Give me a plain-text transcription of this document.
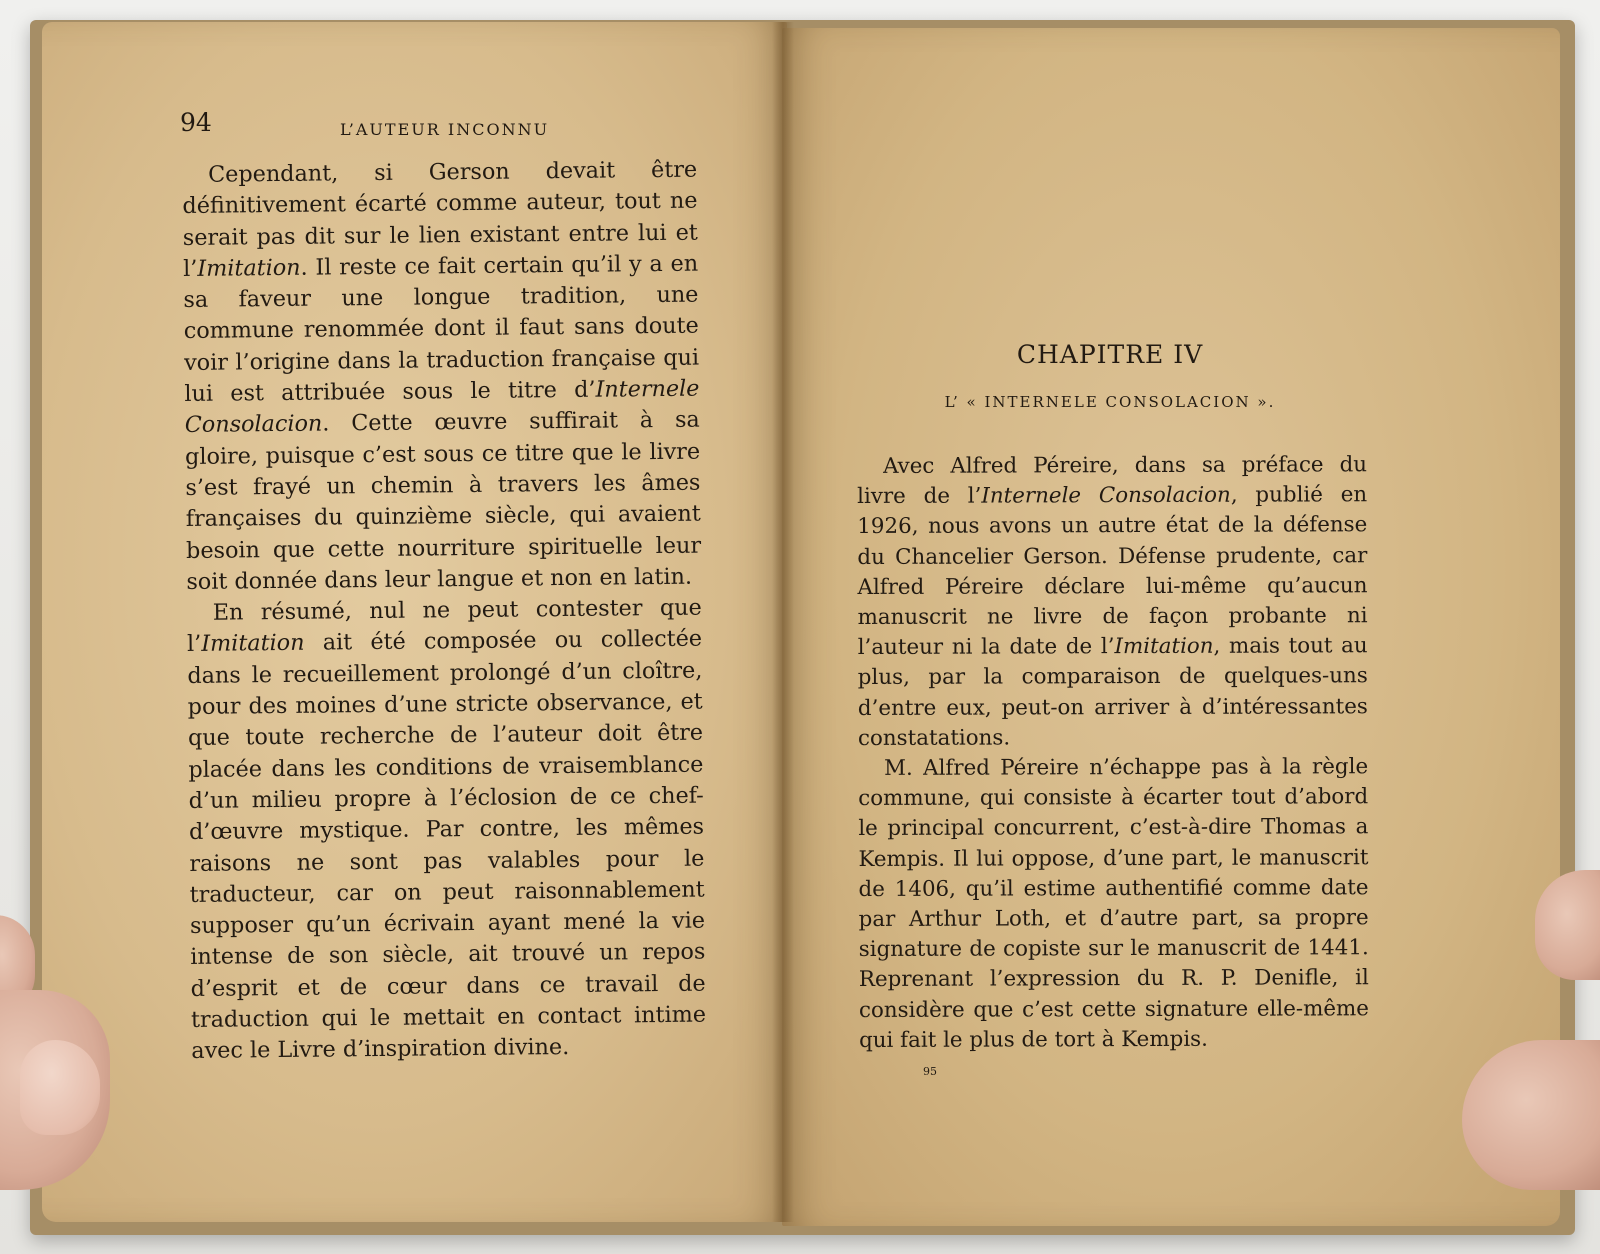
94	L’AUTEUR INCONNU

Cependant, si Gerson devait être définitivement écarté comme auteur, tout ne serait pas dit sur le lien existant entre lui et l’Imitation. Il reste ce fait certain qu’il y a en sa faveur une longue tradition, une commune renommée dont il faut sans doute voir l’origine dans la traduction française qui lui est attribuée sous le titre d’Internele Consolacion. Cette œuvre suffirait à sa gloire, puisque c’est sous ce titre que le livre s’est frayé un chemin à travers les âmes françaises du quinzième siècle, qui avaient besoin que cette nourriture spirituelle leur soit donnée dans leur langue et non en latin.

En résumé, nul ne peut contester que l’Imitation ait été composée ou collectée dans le recueillement prolongé d’un cloître, pour des moines d’une stricte observance, et que toute recherche de l’auteur doit être placée dans les conditions de vraisemblance d’un milieu propre à l’éclosion de ce chef-d’œuvre mystique. Par contre, les mêmes raisons ne sont pas valables pour le traducteur, car on peut raisonnablement supposer qu’un écrivain ayant mené la vie intense de son siècle, ait trouvé un repos d’esprit et de cœur dans ce travail de traduction qui le mettait en contact intime avec le Livre d’inspiration divine.

CHAPITRE IV
L’ « INTERNELE CONSOLACION ».

Avec Alfred Péreire, dans sa préface du livre de l’Internele Consolacion, publié en 1926, nous avons un autre état de la défense du Chancelier Gerson. Défense prudente, car Alfred Péreire déclare lui-même qu’aucun manuscrit ne livre de façon probante ni l’auteur ni la date de l’Imitation, mais tout au plus, par la comparaison de quelques-uns d’entre eux, peut-on arriver à d’intéressantes constatations.

M. Alfred Péreire n’échappe pas à la règle commune, qui consiste à écarter tout d’abord le principal concurrent, c’est-à-dire Thomas a Kempis. Il lui oppose, d’une part, le manuscrit de 1406, qu’il estime authentifié comme date par Arthur Loth, et d’autre part, sa propre signature de copiste sur le manuscrit de 1441. Reprenant l’expression du R. P. Denifle, il considère que c’est cette signature elle-même qui fait le plus de tort à Kempis.

95
